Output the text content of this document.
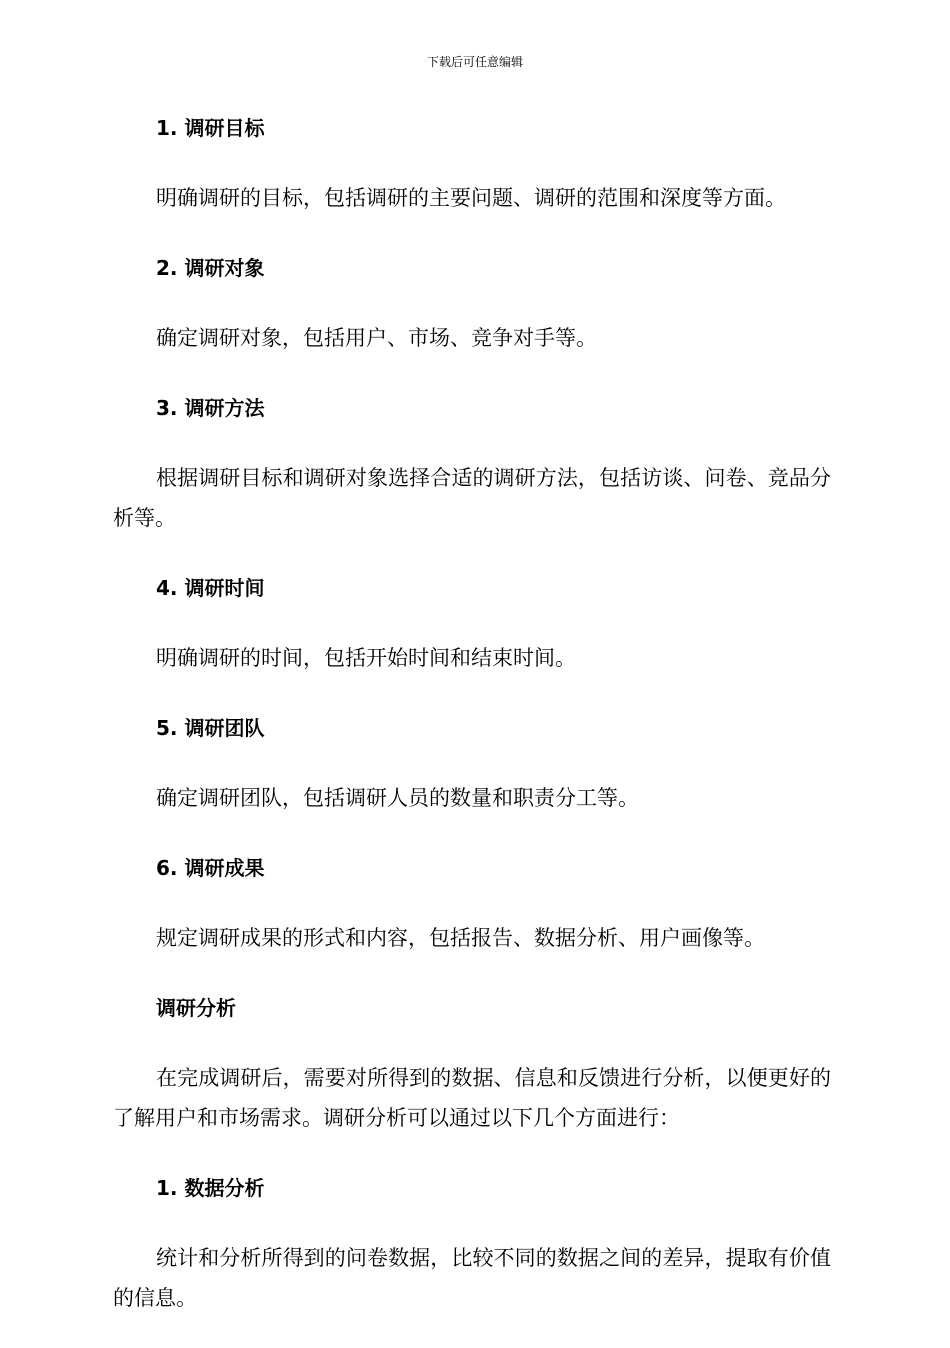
下载后可任意编辑
1. 调研目标

明确调研的目标，包括调研的主要问题、调研的范围和深度等方面。

2. 调研对象

确定调研对象，包括用户、市场、竞争对手等。

3. 调研方法

根据调研目标和调研对象选择合适的调研方法，包括访谈、问卷、竞品分析等。

4. 调研时间

明确调研的时间，包括开始时间和结束时间。

5. 调研团队

确定调研团队，包括调研人员的数量和职责分工等。

6. 调研成果

规定调研成果的形式和内容，包括报告、数据分析、用户画像等。

调研分析

在完成调研后，需要对所得到的数据、信息和反馈进行分析，以便更好的了解用户和市场需求。调研分析可以通过以下几个方面进行：

1. 数据分析

统计和分析所得到的问卷数据，比较不同的数据之间的差异，提取有价值的信息。
